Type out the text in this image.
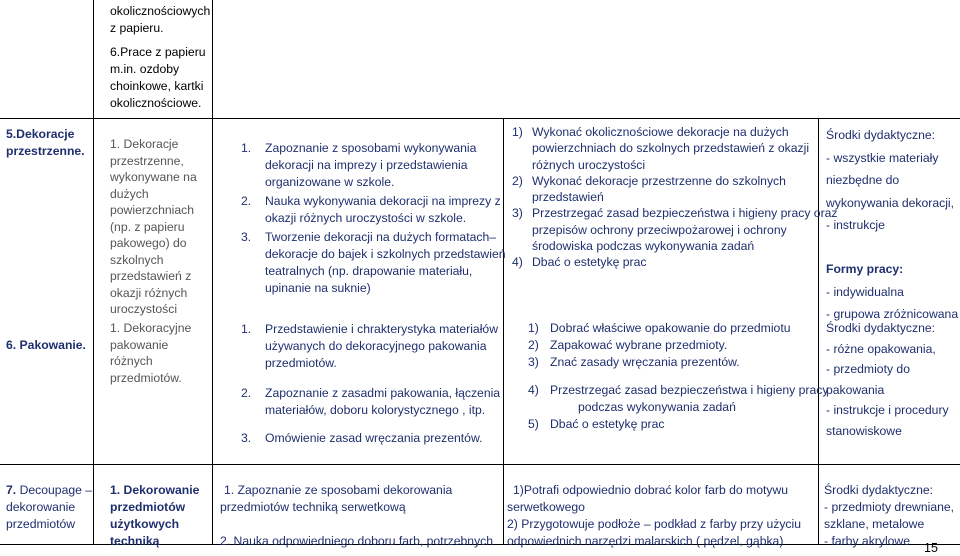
okolicznościowych
z papieru.
6.Prace z papieru
m.in. ozdoby
choinkowe, kartki
okolicznościowe.
5.Dekoracje
przestrzenne. 1. Dekoracje
przestrzenne,
wykonywane na
dużych
powierzchniach
(np. z papieru
pakowego) do
szkolnych
przedstawień z
okazji różnych
uroczystości
1. Zapoznanie z sposobami wykonywania
dekoracji na imprezy i przedstawienia
organizowane w szkole.
2. Nauka wykonywania dekoracji na imprezy z
okazji różnych uroczystości w szkole.
3. Tworzenie dekoracji na dużych formatach–
dekoracje do bajek i szkolnych przedstawień
teatralnych (np. drapowanie materiału,
upinanie na suknie)
1) Wykonać okolicznościowe dekoracje na dużych
powierzchniach do szkolnych przedstawień z okazji
różnych uroczystości
2) Wykonać dekoracje przestrzenne do szkolnych
przedstawień
3) Przestrzegać zasad bezpieczeństwa i higieny pracy oraz
przepisów ochrony przeciwpożarowej i ochrony
środowiska podczas wykonywania zadań
4) Dbać o estetykę prac
Środki dydaktyczne:
- wszystkie materiały
niezbędne do
wykonywania dekoracji,
- instrukcje
Formy pracy:
- indywidualna
- grupowa zróżnicowana
6. Pakowanie.
1. Dekoracyjne
pakowanie
różnych
przedmiotów.
1. Przedstawienie i chrakterystyka materiałów
używanych do dekoracyjnego pakowania
przedmiotów.
2. Zapoznanie z zasadmi pakowania, łączenia
materiałów, doboru kolorystycznego , itp.
3. Omówienie zasad wręczania prezentów.
1) Dobrać właściwe opakowanie do przedmiotu
2) Zapakować wybrane przedmioty.
3) Znać zasady wręczania prezentów.
4) Przestrzegać zasad bezpieczeństwa i higieny pracy
podczas wykonywania zadań
5) Dbać o estetykę prac
Środki dydaktyczne:
- różne opakowania,
- przedmioty do
pakowania
- instrukcje i procedury
stanowiskowe
7. Decoupage –
dekorowanie
przedmiotów
1. Dekorowanie
przedmiotów
użytkowych
techniką
1. Zapoznanie ze sposobami dekorowania
przedmiotów techniką serwetkową
2. Nauka odpowiedniego doboru farb, potrzebnych
1)Potrafi odpowiednio dobrać kolor farb do motywu
serwetkowego
2) Przygotowuje podłoże – podkład z farby przy użyciu
odpowiednich narzędzi malarskich ( pędzel, gąbka)
Środki dydaktyczne:
- przedmioty drewniane,
szklane, metalowe
- farby akrylowe	15
